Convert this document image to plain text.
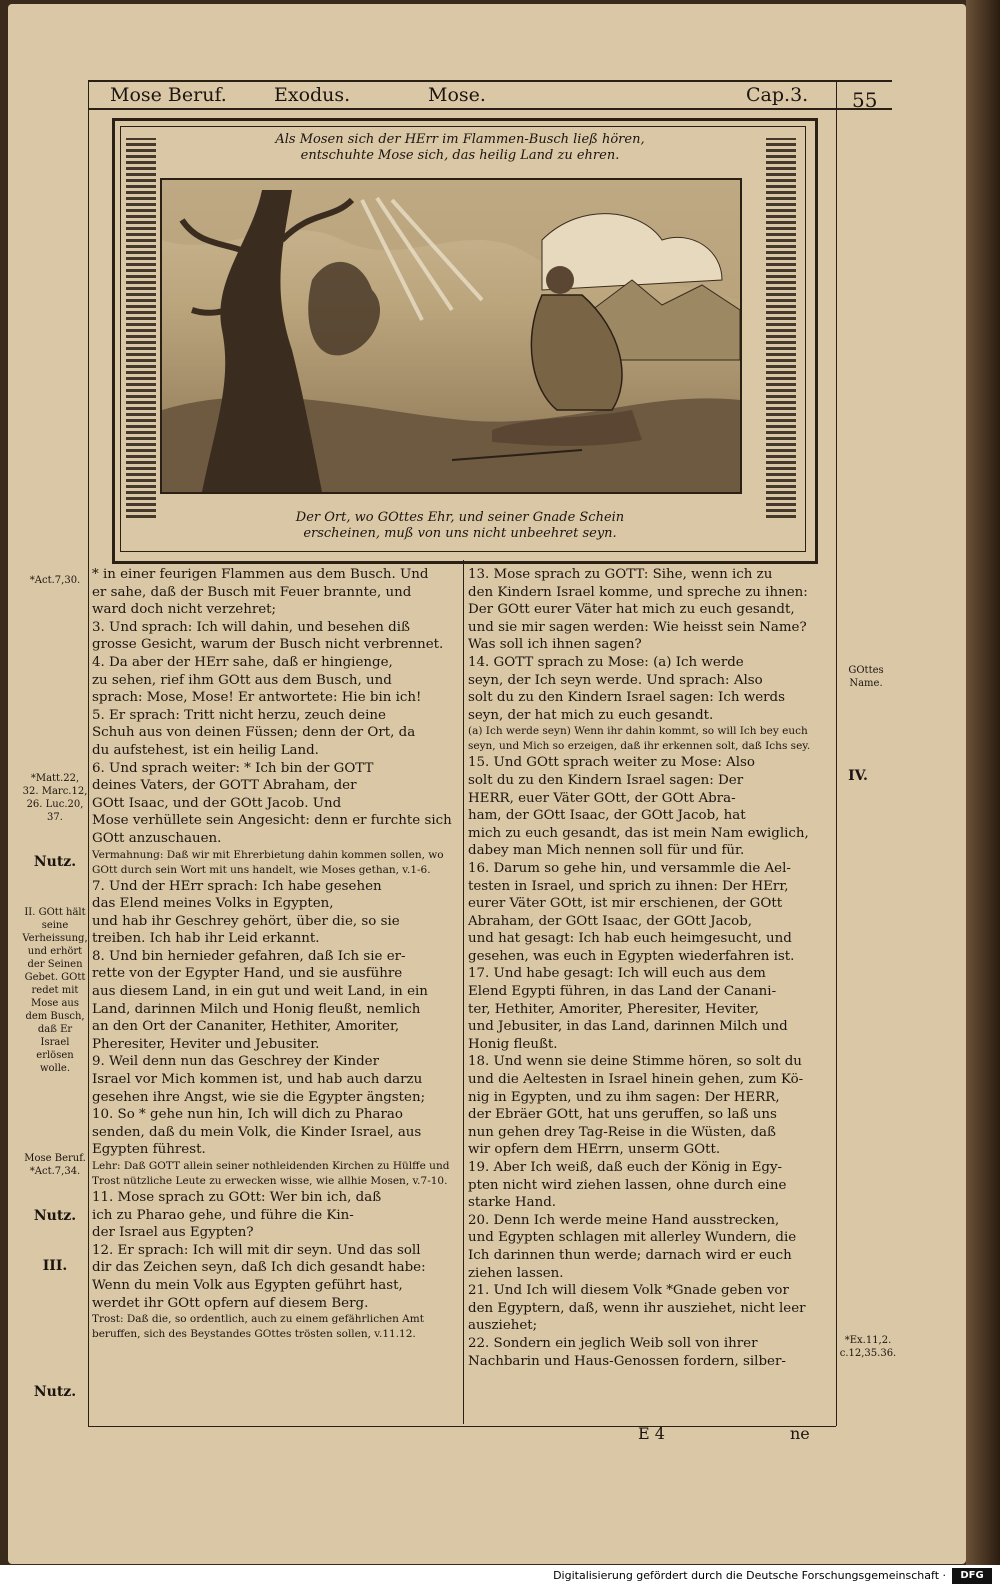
Mose Beruf. Exodus.	Mose.	Cap.3. 55
Als Mosen sich der HErr im Flammen-Busch ließ hören,
entschuhte Mose sich, das heilig Land zu ehren.
Der Ort, wo GOttes Ehr, und seiner Gnade Schein
erscheinen, muß von uns nicht unbeehret seyn.

* in einer feurigen Flammen aus dem Busch. Und

er sahe, daß der Busch mit Feuer brannte, und

ward doch nicht verzehret;

3. Und sprach: Ich will dahin, und besehen diß

grosse Gesicht, warum der Busch nicht verbrennet.

4. Da aber der HErr sahe, daß er hingienge,

zu sehen, rief ihm GOtt aus dem Busch, und

sprach: Mose, Mose! Er antwortete: Hie bin ich!

5. Er sprach: Tritt nicht herzu, zeuch deine

Schuh aus von deinen Füssen; denn der Ort, da

du aufstehest, ist ein heilig Land.

6. Und sprach weiter: * Ich bin der GOTT

deines Vaters, der GOTT Abraham, der

GOtt Isaac, und der GOtt Jacob. Und

Mose verhüllete sein Angesicht: denn er furchte sich

GOtt anzuschauen.

Vermahnung: Daß wir mit Ehrerbietung dahin kommen sollen, wo GOtt durch sein Wort mit uns handelt, wie Moses gethan, v.1-6.

7. Und der HErr sprach: Ich habe gesehen

das Elend meines Volks in Egypten,

und hab ihr Geschrey gehört, über die, so sie

treiben. Ich hab ihr Leid erkannt.

8. Und bin hernieder gefahren, daß Ich sie er-

rette von der Egypter Hand, und sie ausführe

aus diesem Land, in ein gut und weit Land, in ein

Land, darinnen Milch und Honig fleußt, nemlich

an den Ort der Cananiter, Hethiter, Amoriter,

Pheresiter, Heviter und Jebusiter.

9. Weil denn nun das Geschrey der Kinder

Israel vor Mich kommen ist, und hab auch darzu

gesehen ihre Angst, wie sie die Egypter ängsten;

10. So * gehe nun hin, Ich will dich zu Pharao

senden, daß du mein Volk, die Kinder Israel, aus

Egypten führest.

Lehr: Daß GOTT allein seiner nothleidenden Kirchen zu Hülffe und Trost nützliche Leute zu erwecken wisse, wie allhie Mosen, v.7-10.

11. Mose sprach zu GOtt: Wer bin ich, daß

ich zu Pharao gehe, und führe die Kin-

der Israel aus Egypten?

12. Er sprach: Ich will mit dir seyn. Und das soll

dir das Zeichen seyn, daß Ich dich gesandt habe:

Wenn du mein Volk aus Egypten geführt hast,

werdet ihr GOtt opfern auf diesem Berg.

Trost: Daß die, so ordentlich, auch zu einem gefährlichen Amt beruffen, sich des Beystandes GOttes trösten sollen, v.11.12.

13. Mose sprach zu GOTT: Sihe, wenn ich zu

den Kindern Israel komme, und spreche zu ihnen:

Der GOtt eurer Väter hat mich zu euch gesandt,

und sie mir sagen werden: Wie heisst sein Name?

Was soll ich ihnen sagen?

14. GOTT sprach zu Mose: (a) Ich werde

seyn, der Ich seyn werde. Und sprach: Also

solt du zu den Kindern Israel sagen: Ich werds

seyn, der hat mich zu euch gesandt.

(a) Ich werde seyn) Wenn ihr dahin kommt, so will Ich bey euch seyn, und Mich so erzeigen, daß ihr erkennen solt, daß Ichs sey.

15. Und GOtt sprach weiter zu Mose: Also

solt du zu den Kindern Israel sagen: Der

HERR, euer Väter GOtt, der GOtt Abra-

ham, der GOtt Isaac, der GOtt Jacob, hat

mich zu euch gesandt, das ist mein Nam ewiglich,

dabey man Mich nennen soll für und für.

16. Darum so gehe hin, und versammle die Ael-

testen in Israel, und sprich zu ihnen: Der HErr,

eurer Väter GOtt, ist mir erschienen, der GOtt

Abraham, der GOtt Isaac, der GOtt Jacob,

und hat gesagt: Ich hab euch heimgesucht, und

gesehen, was euch in Egypten wiederfahren ist.

17. Und habe gesagt: Ich will euch aus dem

Elend Egypti führen, in das Land der Canani-

ter, Hethiter, Amoriter, Pheresiter, Heviter,

und Jebusiter, in das Land, darinnen Milch und

Honig fleußt.

18. Und wenn sie deine Stimme hören, so solt du

und die Aeltesten in Israel hinein gehen, zum Kö-

nig in Egypten, und zu ihm sagen: Der HERR,

der Ebräer GOtt, hat uns geruffen, so laß uns

nun gehen drey Tag-Reise in die Wüsten, daß

wir opfern dem HErrn, unserm GOtt.

19. Aber Ich weiß, daß euch der König in Egy-

pten nicht wird ziehen lassen, ohne durch eine

starke Hand.

20. Denn Ich werde meine Hand ausstrecken,

und Egypten schlagen mit allerley Wundern, die

Ich darinnen thun werde; darnach wird er euch

ziehen lassen.

21. Und Ich will diesem Volk *Gnade geben vor

den Egyptern, daß, wenn ihr ausziehet, nicht leer

ausziehet;

22. Sondern ein jeglich Weib soll von ihrer

Nachbarin und Haus-Genossen fordern, silber-

*Act.7,30.
*Matt.22, 32. Marc.12, 26. Luc.20, 37.
Nutz.
II. GOtt hält seine Verheissung, und erhört der Seinen Gebet. GOtt redet mit Mose aus dem Busch, daß Er Israel erlösen wolle.
Mose Beruf. *Act.7,34.
Nutz.
III.
Nutz.
GOttes Name.
IV.
*Ex.11,2. c.12,35.36.
E 4	ne
Digitalisierung gefördert durch die Deutsche Forschungsgemeinschaft ·	DFG
